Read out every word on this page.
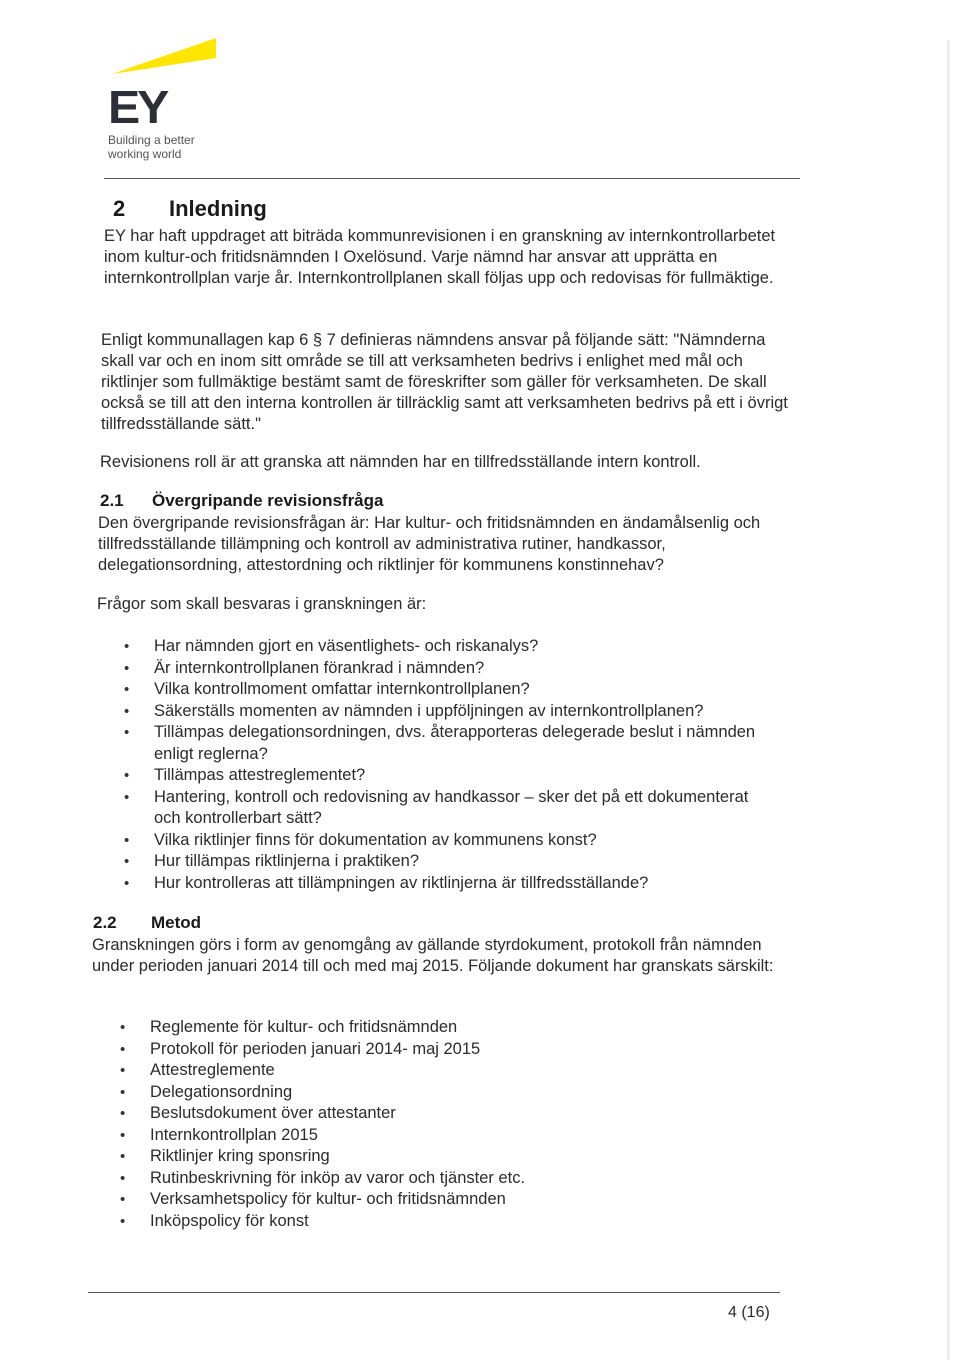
EY
Building a better working world
2 Inledning

EY har haft uppdraget att biträda kommunrevisionen i en granskning av internkontrollarbetet inom kultur-och fritidsnämnden I Oxelösund. Varje nämnd har ansvar att upprätta en internkontrollplan varje år. Internkontrollplanen skall följas upp och redovisas för fullmäktige.

Enligt kommunallagen kap 6 § 7 definieras nämndens ansvar på följande sätt: "Nämnderna skall var och en inom sitt område se till att verksamheten bedrivs i enlighet med mål och riktlinjer som fullmäktige bestämt samt de föreskrifter som gäller för verksamheten. De skall också se till att den interna kontrollen är tillräcklig samt att verksamheten bedrivs på ett i övrigt tillfredsställande sätt."

Revisionens roll är att granska att nämnden har en tillfredsställande intern kontroll.

2.1 Övergripande revisionsfråga

Den övergripande revisionsfrågan är: Har kultur- och fritidsnämnden en ändamålsenlig och tillfredsställande tillämpning och kontroll av administrativa rutiner, handkassor, delegationsordning, attestordning och riktlinjer för kommunens konstinnehav?

Frågor som skall besvaras i granskningen är:

• Har nämnden gjort en väsentlighets- och riskanalys?
• Är internkontrollplanen förankrad i nämnden?
• Vilka kontrollmoment omfattar internkontrollplanen?
• Säkerställs momenten av nämnden i uppföljningen av internkontrollplanen?
• Tillämpas delegationsordningen, dvs. återapporteras delegerade beslut i nämnden enligt reglerna?
• Tillämpas attestreglementet?
• Hantering, kontroll och redovisning av handkassor – sker det på ett dokumenterat och kontrollerbart sätt?
• Vilka riktlinjer finns för dokumentation av kommunens konst?
• Hur tillämpas riktlinjerna i praktiken?
• Hur kontrolleras att tillämpningen av riktlinjerna är tillfredsställande?
2.2 Metod

Granskningen görs i form av genomgång av gällande styrdokument, protokoll från nämnden under perioden januari 2014 till och med maj 2015. Följande dokument har granskats särskilt:

• Reglemente för kultur- och fritidsnämnden
• Protokoll för perioden januari 2014- maj 2015
• Attestreglemente
• Delegationsordning
• Beslutsdokument över attestanter
• Internkontrollplan 2015
• Riktlinjer kring sponsring
• Rutinbeskrivning för inköp av varor och tjänster etc.
• Verksamhetspolicy för kultur- och fritidsnämnden
• Inköpspolicy för konst
4 (16)
